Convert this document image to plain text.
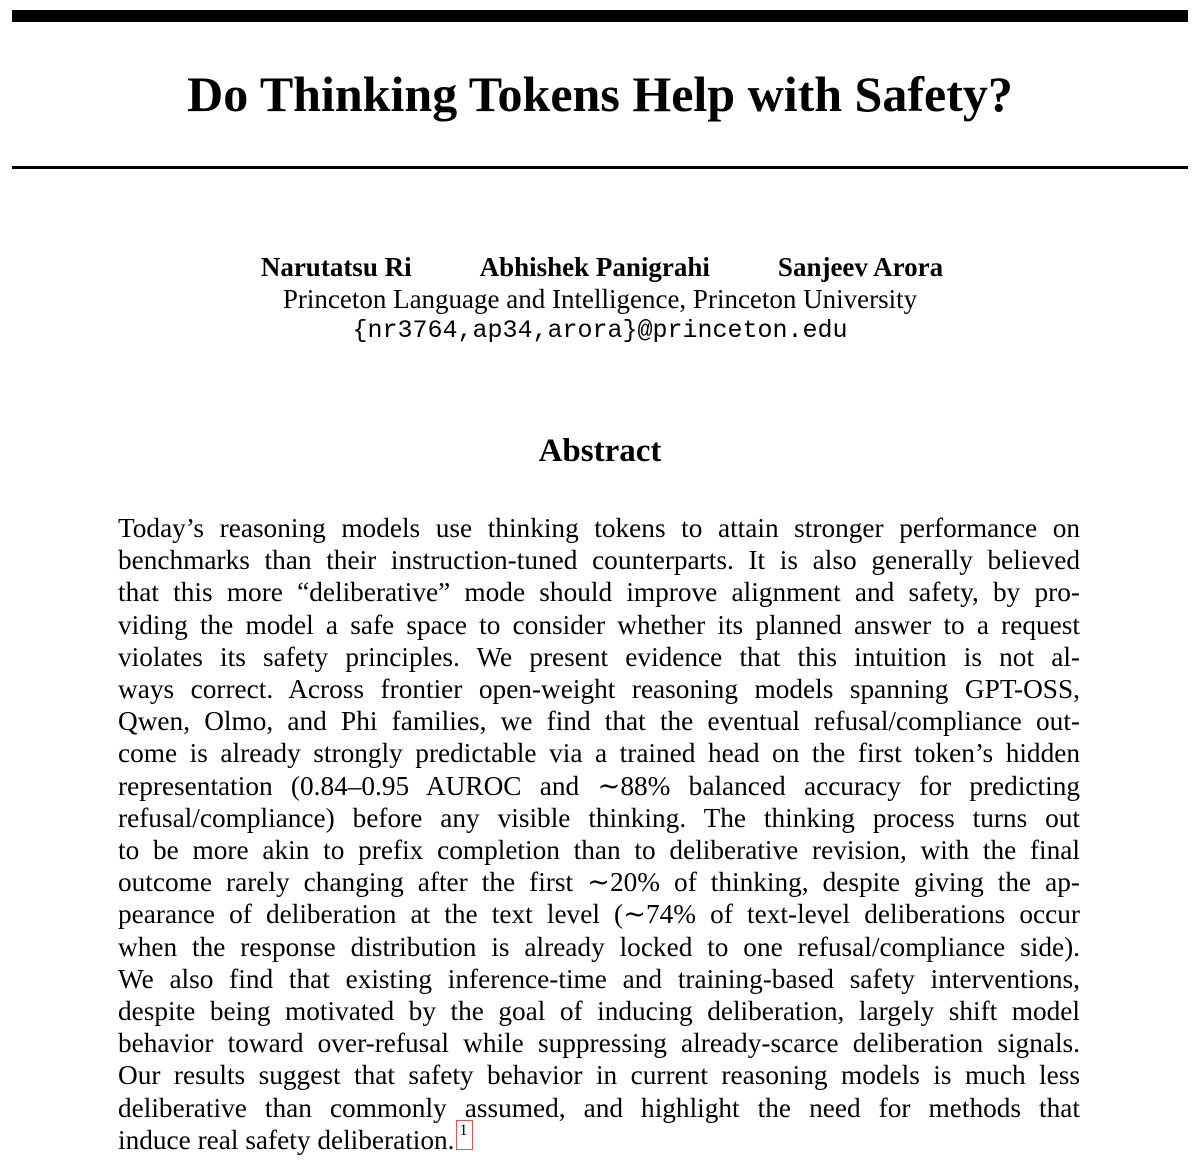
Do Thinking Tokens Help with Safety?
Narutatsu Ri	Abhishek Panigrahi	Sanjeev Arora
Princeton Language and Intelligence, Princeton University
{nr3764,ap34,arora}@princeton.edu
Abstract
Today’s reasoning models use thinking tokens to attain stronger performance on
benchmarks than their instruction-tuned counterparts. It is also generally believed
that this more “deliberative” mode should improve alignment and safety, by pro-
viding the model a safe space to consider whether its planned answer to a request
violates its safety principles. We present evidence that this intuition is not al-
ways correct. Across frontier open-weight reasoning models spanning GPT-OSS,
Qwen, Olmo, and Phi families, we find that the eventual refusal/compliance out-
come is already strongly predictable via a trained head on the first token’s hidden
representation (0.84–0.95 AUROC and ∼88% balanced accuracy for predicting
refusal/compliance) before any visible thinking. The thinking process turns out
to be more akin to prefix completion than to deliberative revision, with the final
outcome rarely changing after the first ∼20% of thinking, despite giving the ap-
pearance of deliberation at the text level (∼74% of text-level deliberations occur
when the response distribution is already locked to one refusal/compliance side).
We also find that existing inference-time and training-based safety interventions,
despite being motivated by the goal of inducing deliberation, largely shift model
behavior toward over-refusal while suppressing already-scarce deliberation signals.
Our results suggest that safety behavior in current reasoning models is much less
deliberative than commonly assumed, and highlight the need for methods that
induce real safety deliberation. 1
